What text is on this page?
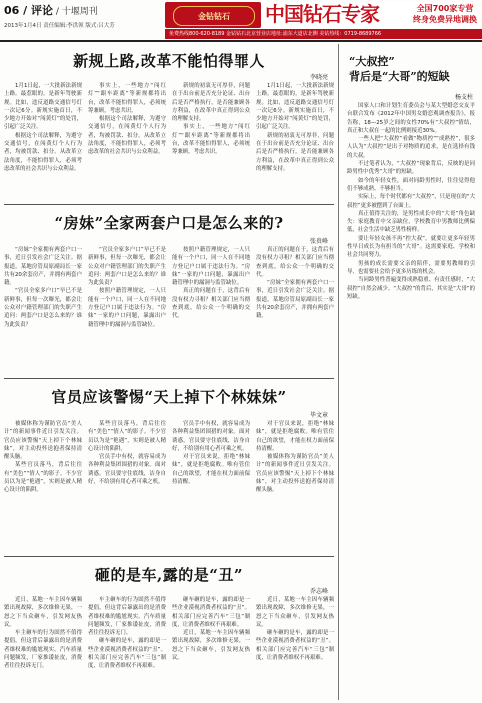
06 / 评论 / 十堰周刊
2013年1月4日 责任编辑:李洪领 版式:吕大芳
金钻钻石	中国钻石专家	全国700家专营
终身免费异地调换
免费热线800-620-8189 金钻钻石北京营业店地址:浦东大道店北侧 美钻热线：0719-8689766
新规上路,改革不能怕得罪人
李晓亮

1月1日起，一大批新法新规上路。最惹眼的，是新年驾驶新规。比如，违反道路交通信号灯一次记6分。新规实施首日，不少地方开始对“闯黄灯”的处罚，引起广泛关注。

根据这个司法解释，为遵守交通信号，在闯黄灯个人行为者，均被罚款、扣分。从改革立法角度，不能怕得罪人，必须考虑改革的社会共识与公众利益。

事实上，一些地方“闯红灯”“跟车距离”等新规都将出台，改革不能怕得罪人，必须统筹兼顾，考虑共识。

根据这个司法解释，为遵守交通信号，在闯黄灯个人行为者，均被罚款、扣分。从改革立法角度，不能怕得罪人，必须考虑改革的社会共识与公众利益。

新规的初衷无可厚非，问题在于出台前是否充分论证、出台后是否严格执行，是否能兼顾各方利益，在改革中真正得到公众的理解支持。

事实上，一些地方“闯红灯”“跟车距离”等新规都将出台，改革不能怕得罪人，必须统筹兼顾，考虑共识。

1月1日起，一大批新法新规上路。最惹眼的，是新年驾驶新规。比如，违反道路交通信号灯一次记6分。新规实施首日，不少地方开始对“闯黄灯”的处罚，引起广泛关注。

新规的初衷无可厚非，问题在于出台前是否充分论证、出台后是否严格执行，是否能兼顾各方利益，在改革中真正得到公众的理解支持。

“房妹”全家两套户口是怎么来的?
张贵峰

“房妹”全家拥有两套户口一事，近日引发社会广泛关注。据报道，某地房管局原副局长一家共有20余套房产，并拥有两套户籍。

“官员全家多户口”早已不是新鲜事，但每一次曝光，都会让公众对户籍管理部门的失职产生追问：两套户口是怎么来的？谁为此负责？

“官员全家多户口”早已不是新鲜事，但每一次曝光，都会让公众对户籍管理部门的失职产生追问：两套户口是怎么来的？谁为此负责？

按照户籍管理规定，一人只能有一个户口，同一人在不同地方登记户口属于违法行为。“房妹”一家的户口问题，暴露出户籍管理中的漏洞与监管缺位。

按照户籍管理规定，一人只能有一个户口，同一人在不同地方登记户口属于违法行为。“房妹”一家的户口问题，暴露出户籍管理中的漏洞与监管缺位。

真正的问题在于，这背后有没有权力寻租？相关部门应当彻查到底，给公众一个明确的交代。

真正的问题在于，这背后有没有权力寻租？相关部门应当彻查到底，给公众一个明确的交代。

“房妹”全家拥有两套户口一事，近日引发社会广泛关注。据报道，某地房管局原副局长一家共有20余套房产，并拥有两套户籍。

官员应该警惕“天上掉下个林妹妹”
毕文章

被媒体称为谨防官员“美人计”的新闻事件近日引发关注。官员应该警惕“天上掉下个林妹妹”，对主动投怀送抱者保持清醒头脑。

某些官员落马，背后往往有“美色”“情人”的影子。不少官员以为是“艳遇”，实则是被人精心设计的陷阱。

某些官员落马，背后往往有“美色”“情人”的影子。不少官员以为是“艳遇”，实则是被人精心设计的陷阱。

官员手中有权，就容易成为各种利益集团围猎的对象。面对诱惑，官员要守住底线，洁身自好，不给别有用心者可乘之机。

官员手中有权，就容易成为各种利益集团围猎的对象。面对诱惑，官员要守住底线，洁身自好，不给别有用心者可乘之机。

对于官员来说，拒绝“林妹妹”，就是拒绝腐败。唯有管住自己的欲望，才能在权力面前保持清醒。

对于官员来说，拒绝“林妹妹”，就是拒绝腐败。唯有管住自己的欲望，才能在权力面前保持清醒。

被媒体称为谨防官员“美人计”的新闻事件近日引发关注。官员应该警惕“天上掉下个林妹妹”，对主动投怀送抱者保持清醒头脑。

砸的是车,露的是“丑”
乔志峰

近日，某地一车主因车辆频繁出现故障，多次维修无果，一怒之下当众砸车，引发网友热议。

车主砸车的行为固然不值得提倡，但这背后暴露出的是消费者维权难的尴尬现实。汽车质量问题频发，厂家推诿扯皮，消费者往往投诉无门。

车主砸车的行为固然不值得提倡，但这背后暴露出的是消费者维权难的尴尬现实。汽车质量问题频发，厂家推诿扯皮，消费者往往投诉无门。

砸车砸的是车，露的却是一些企业漠视消费者权益的“丑”。相关部门应完善汽车“三包”制度，让消费者维权不再艰难。

砸车砸的是车，露的却是一些企业漠视消费者权益的“丑”。相关部门应完善汽车“三包”制度，让消费者维权不再艰难。

近日，某地一车主因车辆频繁出现故障，多次维修无果，一怒之下当众砸车，引发网友热议。

近日，某地一车主因车辆频繁出现故障，多次维修无果，一怒之下当众砸车，引发网友热议。

砸车砸的是车，露的却是一些企业漠视消费者权益的“丑”。相关部门应完善汽车“三包”制度，让消费者维权不再艰难。

“大叔控”
背后是“大哥”的短缺
杨支柱

国家人口和计划生育委员会与某大型婚恋交友平台联合发布《2012年中国男女婚恋观调查报告》，报告称，18—25岁之间的女性70%有“大叔控”情结，真正和大叔在一起的比例则接近30%。

一些人把“大叔控”看做“物质控”“成熟控”，很多人认为“大叔控”是出于对物质的追求，是在选择有钱的大叔。

不过笔者认为，“大叔控”现象背后，反映的是同龄男性中优秀“大哥”的短缺。

如今的年轻女性，面对同龄男性时，往往觉得他们不够成熟、不够担当。

实际上，每个时代都有“大叔控”，只是现在的“大叔控”更多被摆到了台面上。

真正值得关注的，是男性成长中的“大哥”角色缺失：家庭教育中父亲缺位，学校教育中男教师比例偏低，社会生活中缺乏男性榜样。

要让年轻女孩不再“控大叔”，就要让更多年轻男性早日成长为有担当的“大哥”。这需要家庭、学校和社会共同努力。

男孩的成长需要父亲的陪伴，需要男教师的引导，也需要社会给予更多历练的机会。

当同龄男性普遍变得成熟稳重、有责任感时，“大叔控”自然会减少。“大叔控”的背后，其实是“大哥”的短缺。
